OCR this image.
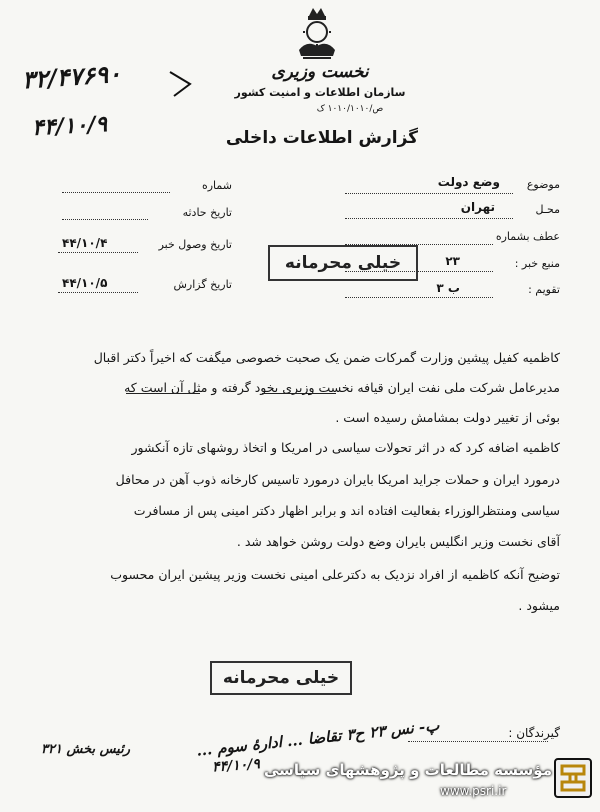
۳۲/۴۷۶۹۰
۴۴/۱۰/۹
نخست وزیری
سازمان اطلاعات و امنیت کشور
ص/۱۰۱۰/۱۰۱۰ ک
گزارش اطلاعات داخلی
موضوع
وضع دولت
محـل
تهران
عطف بشماره
منبع خبر :
۲۳
تقویم :
ب ۳
شماره
تاریخ حادثه
تاریخ وصول خبر
۴۴/۱۰/۴
تاریخ گزارش
۴۴/۱۰/۵
خیلی محرمانه
کاظمیه کفیل پیشین وزارت گمرکات ضمن یک صحبت خصوصی میگفت که اخیراً دکتر اقبال
مدیرعامل شرکت ملی نفت ایران قیافه نخست وزیری بخود گرفته و مثل آن است که
بوئی از تغییر دولت بمشامش رسیده است .
کاظمیه اضافه کرد که در اثر تحولات سیاسی در امریکا و اتخاذ روشهای تازه آنکشور
درمورد ایران و حملات جراید امریکا بایران درمورد تاسیس کارخانه ذوب آهن در محافل
سیاسی ومنتظرالوزراء بفعالیت افتاده اند و برابر اظهار دکتر امینی پس از مسافرت
آقای نخست وزیر انگلیس بایران وضع دولت روشن خواهد شد .
توضیح آنکه کاظمیه از افراد نزدیک به دکترعلی امینی نخست وزیر پیشین ایران محسوب
میشود .
خیلی محرمانه
گیرندگان :
پ- نس ۲۳ ح۳ تقاضا ... ادارهٔ سوم ...
رئیس بخش ۳۲۱
۴۴/۱۰/۹ مؤسسه مطالعات و پژوهشهای سیاسی
www.psri.ir
